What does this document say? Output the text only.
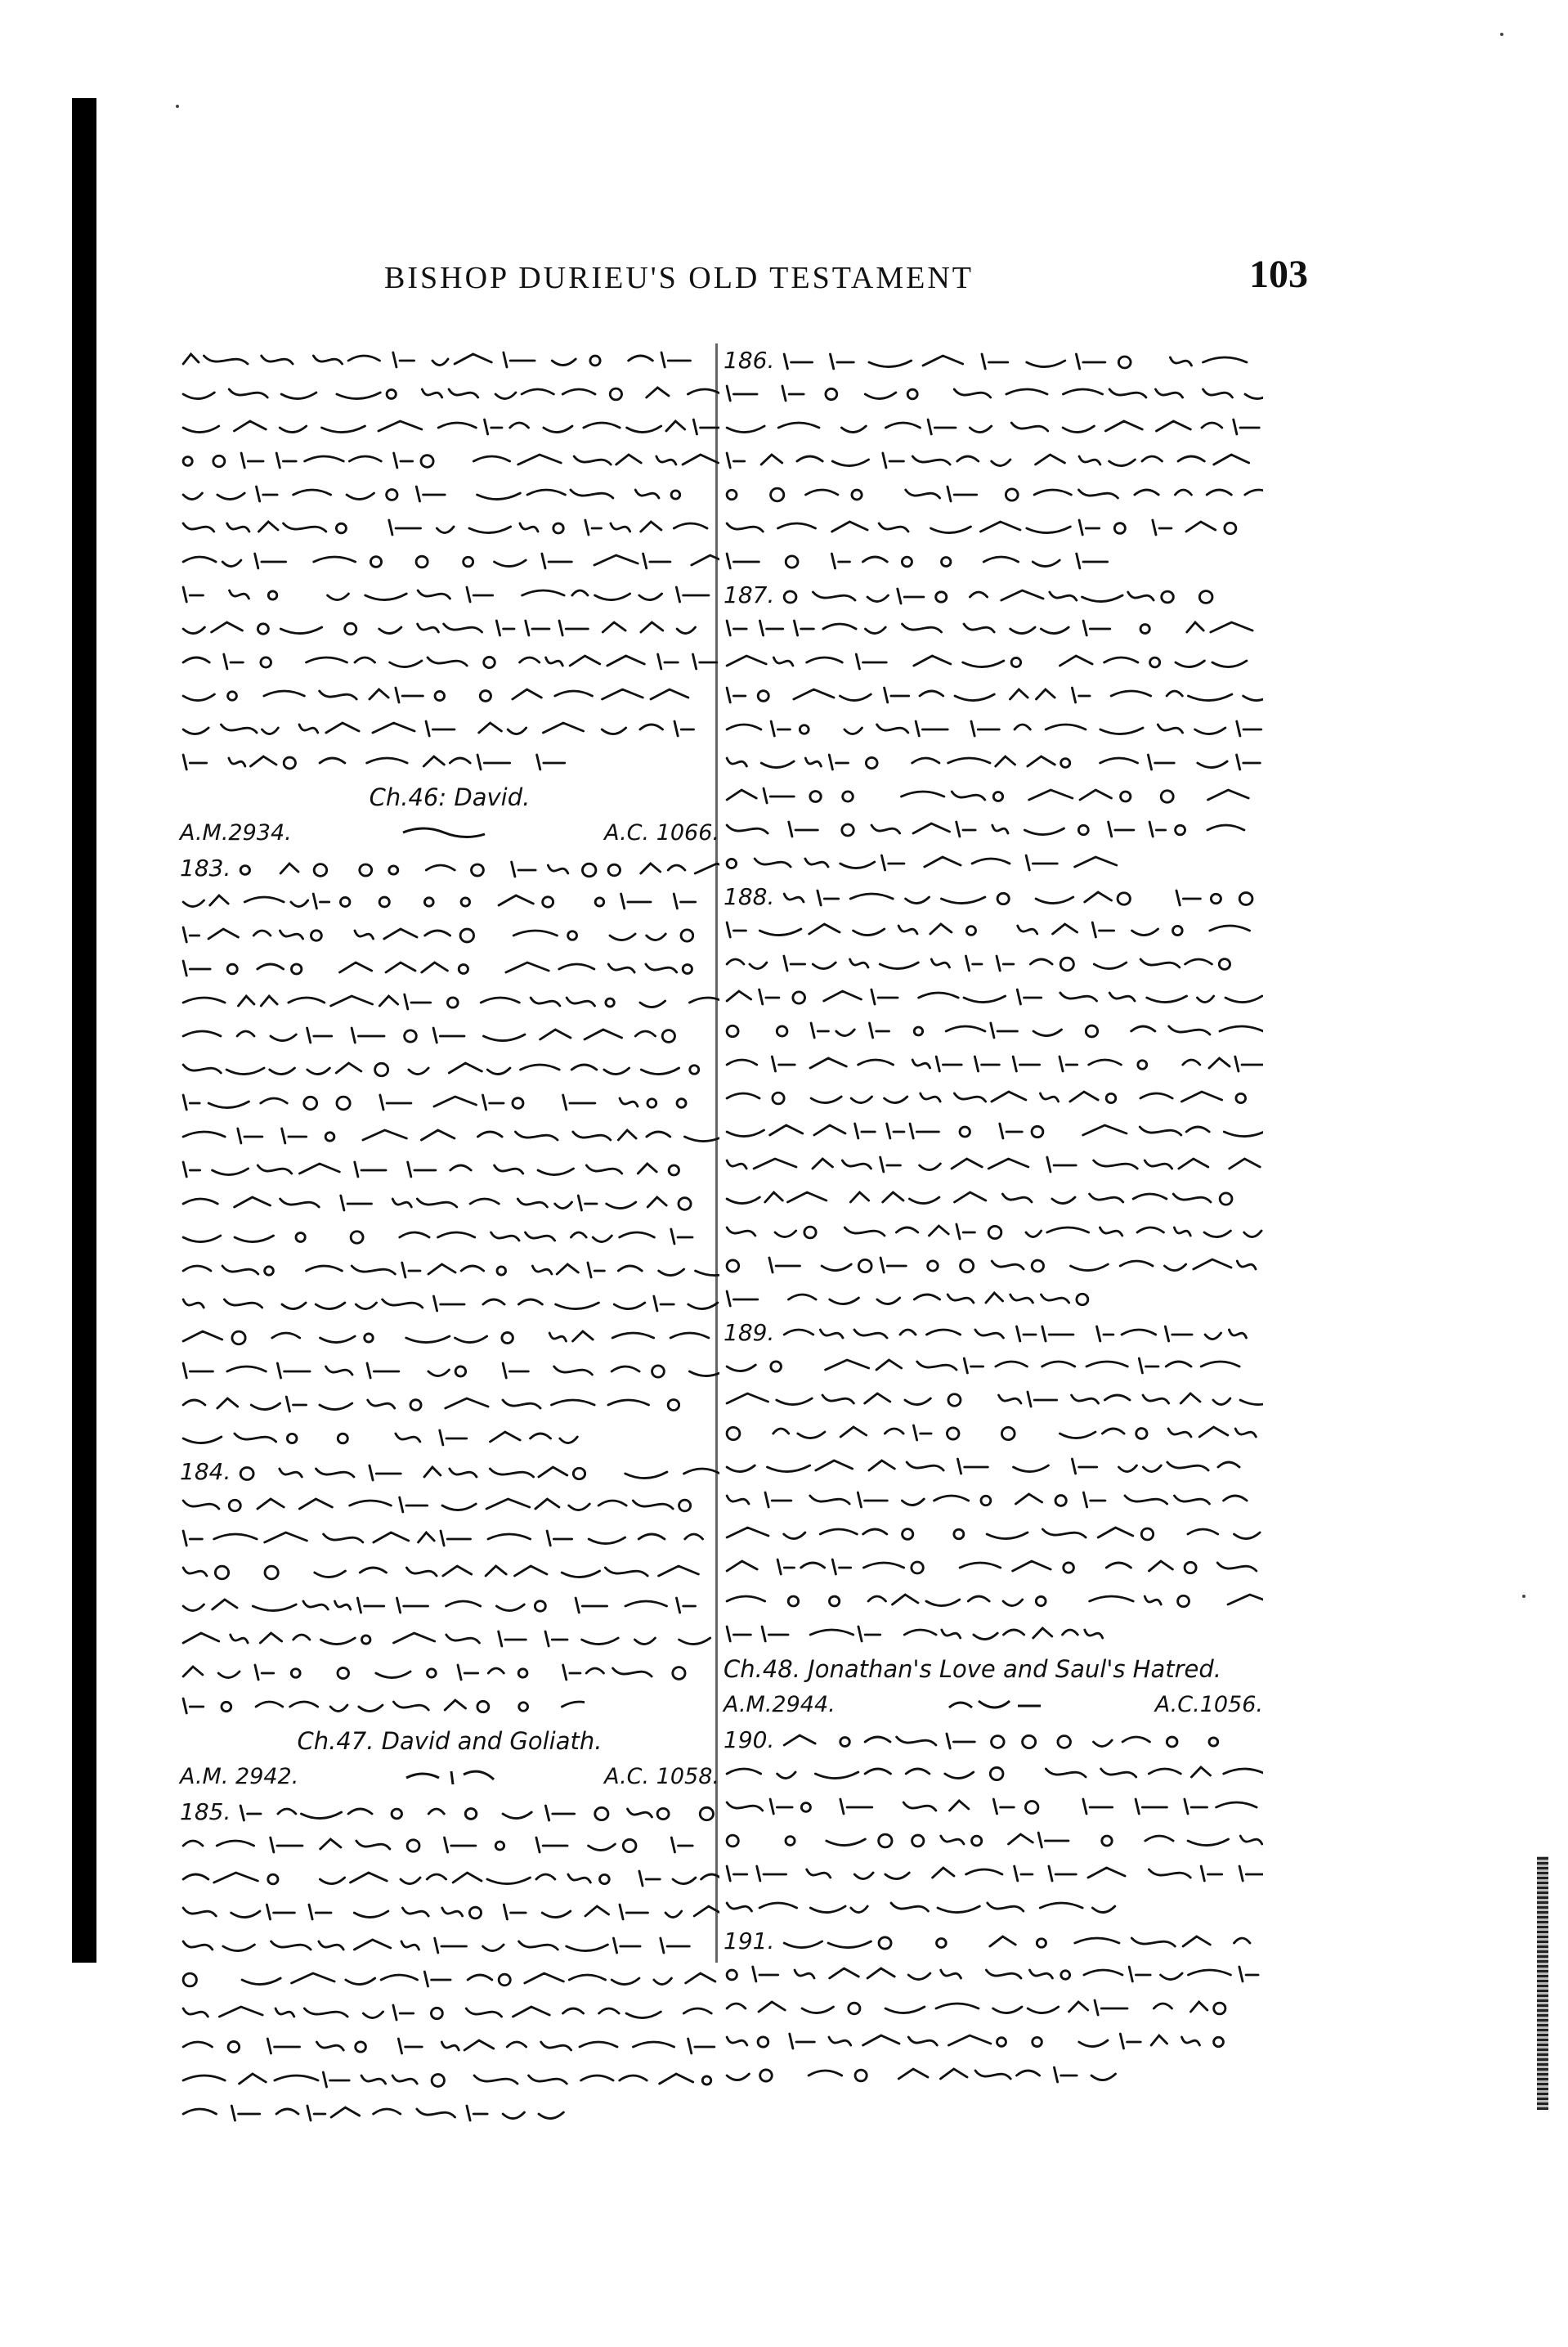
BISHOP DURIEU'S OLD TESTAMENT	103
Ch.46: David.
A.M.2934.	A.C. 1066.
183.
184.
Ch.47. David and Goliath.
A.M. 2942.	A.C. 1058.
185.
186.
187.
188.
189.
Ch.48. Jonathan's Love and Saul's Hatred.
A.M.2944.	A.C.1056.
190.
191.
